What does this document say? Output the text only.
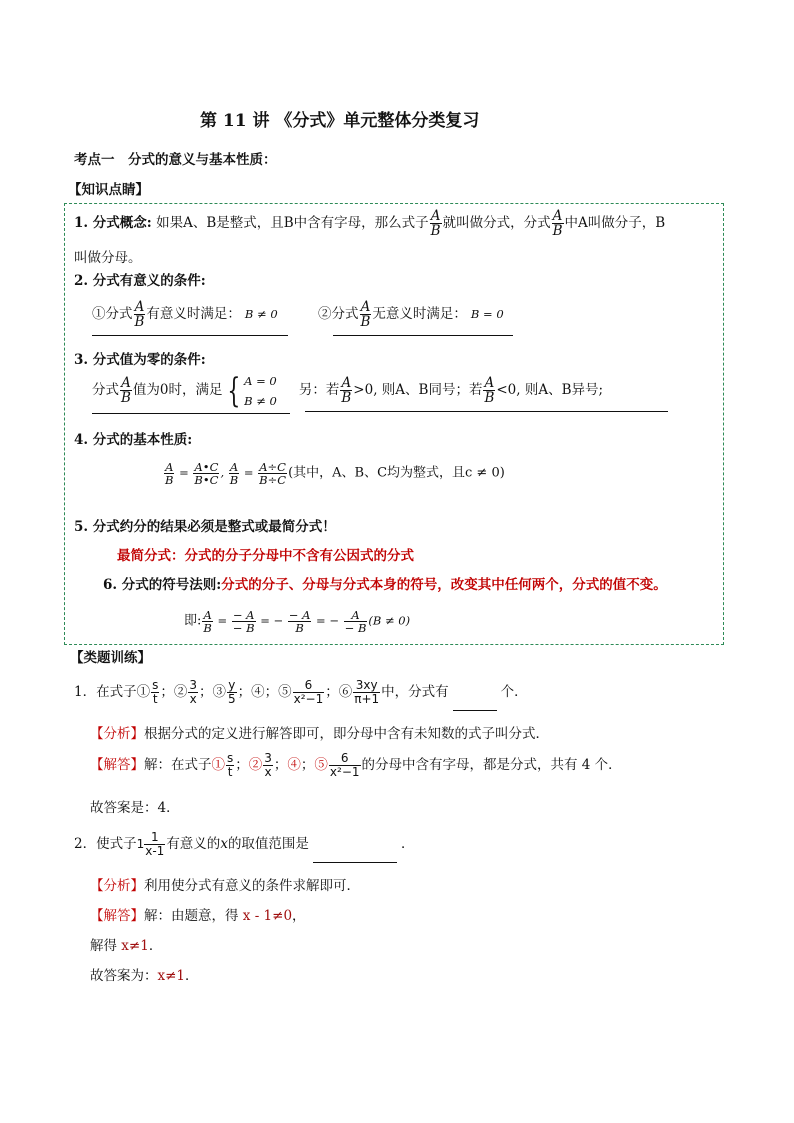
第 11 讲 《分式》单元整体分类复习
考点一　分式的意义与基本性质：
【知识点睛】
1. 分式概念: 如果A、B是整式，且B中含有字母，那么式子 $\frac{A}{B}$ 就叫做分式，分式 $\frac{A}{B}$ 中A叫做分子，B
叫做分母。
2. 分式有意义的条件:
①分式 $\frac{A}{B}$ 有意义时满足： B ≠ 0	②分式 $\frac{A}{B}$ 无意义时满足： B = 0
3. 分式值为零的条件:
分式 $\frac{A}{B}$ 值为0时，满足 { A = 0
B ≠ 0
另：若 $\frac{A}{B} >0$, 则A、B同号；若 $\frac{A}{B} <0$, 则A、B异号;
4. 分式的基本性质:
$\frac{A}{B} = \frac{A•C}{B•C}$ , $\frac{A}{B} = \frac{A\div C}{B\div C}$ (其中，A、B、C均为整式，且c ≠ 0)
5. 分式约分的结果必须是整式或最简分式！
最简分式：分式的分子分母中不含有公因式的分式
6. 分式的符号法则:分式的分子、分母与分式本身的符号，改变其中任何两个，分式的值不变。
即: $\frac{A}{B} = \frac{- A}{- B}$ = − $\frac{- A}{B}$ = − $\frac{A}{- B} (B \ne 0)$
【类题训练】
1．在式子① $\frac{s}{t}$ ；② $\frac{3}{x}$ ；③ $\frac{y}{5}$ ；④；⑤ $\frac{6}{\text{x²−1}}$ ；⑥ $\frac{3xy}{\pi+1}$ 中，分式有	个．
【分析】根据分式的定义进行解答即可，即分母中含有未知数的式子叫分式．
【解答】解：在式子① $\frac{s}{t}$ ；② $\frac{3}{x}$ ；④；⑤ $\frac{6}{\text{x²−1}}$ 的分母中含有字母，都是分式，共有 4 个．
故答案是：4．
2．使式子$1 \frac{1}{x-1}$ 有意义的x的取值范围是	．
【分析】利用使分式有意义的条件求解即可．
【解答】解：由题意，得 x - 1≠0，
解得 x≠1．
故答案为：x≠1．
